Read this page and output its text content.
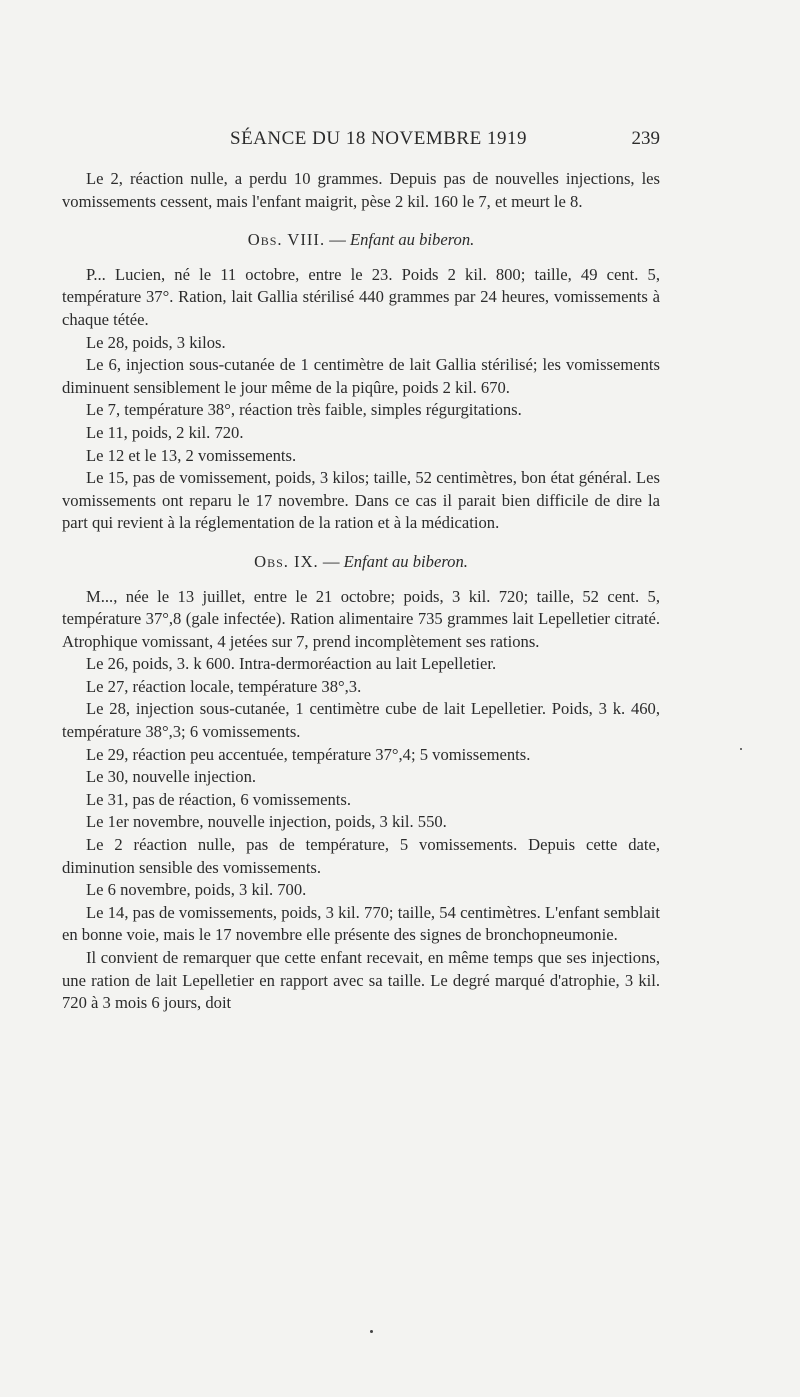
SÉANCE DU 18 NOVEMBRE 1919	239

Le 2, réaction nulle, a perdu 10 grammes. Depuis pas de nouvelles injections, les vomissements cessent, mais l'enfant maigrit, pèse 2 kil. 160 le 7, et meurt le 8.

Obs. VIII. — Enfant au biberon.

P... Lucien, né le 11 octobre, entre le 23. Poids 2 kil. 800; taille, 49 cent. 5, température 37°. Ration, lait Gallia stérilisé 440 grammes par 24 heures, vomissements à chaque tétée.

Le 28, poids, 3 kilos.

Le 6, injection sous-cutanée de 1 centimètre de lait Gallia stérilisé; les vomissements diminuent sensiblement le jour même de la piqûre, poids 2 kil. 670.

Le 7, température 38°, réaction très faible, simples régurgitations.

Le 11, poids, 2 kil. 720.

Le 12 et le 13, 2 vomissements.

Le 15, pas de vomissement, poids, 3 kilos; taille, 52 centimètres, bon état général. Les vomissements ont reparu le 17 novembre. Dans ce cas il parait bien difficile de dire la part qui revient à la réglementation de la ration et à la médication.

Obs. IX. — Enfant au biberon.

M..., née le 13 juillet, entre le 21 octobre; poids, 3 kil. 720; taille, 52 cent. 5, température 37°,8 (gale infectée). Ration alimentaire 735 grammes lait Lepelletier citraté. Atrophique vomissant, 4 jetées sur 7, prend incomplètement ses rations.

Le 26, poids, 3. k 600. Intra-dermoréaction au lait Lepelletier.

Le 27, réaction locale, température 38°,3.

Le 28, injection sous-cutanée, 1 centimètre cube de lait Lepelletier. Poids, 3 k. 460, température 38°,3; 6 vomissements.

Le 29, réaction peu accentuée, température 37°,4; 5 vomissements.

Le 30, nouvelle injection.

Le 31, pas de réaction, 6 vomissements.

Le 1er novembre, nouvelle injection, poids, 3 kil. 550.

Le 2 réaction nulle, pas de température, 5 vomissements. Depuis cette date, diminution sensible des vomissements.

Le 6 novembre, poids, 3 kil. 700.

Le 14, pas de vomissements, poids, 3 kil. 770; taille, 54 centimètres. L'enfant semblait en bonne voie, mais le 17 novembre elle présente des signes de bronchopneumonie.

Il convient de remarquer que cette enfant recevait, en même temps que ses injections, une ration de lait Lepelletier en rapport avec sa taille. Le degré marqué d'atrophie, 3 kil. 720 à 3 mois 6 jours, doit
